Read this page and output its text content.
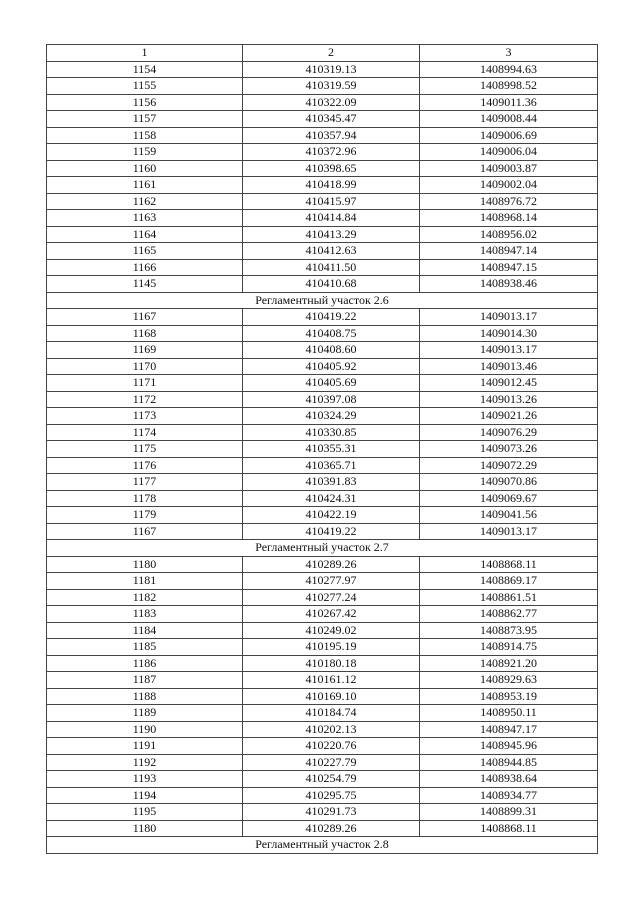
1	2	3
1154	410319.13	1408994.63
1155	410319.59	1408998.52
1156	410322.09	1409011.36
1157	410345.47	1409008.44
1158	410357.94	1409006.69
1159	410372.96	1409006.04
1160	410398.65	1409003.87
1161	410418.99	1409002.04
1162	410415.97	1408976.72
1163	410414.84	1408968.14
1164	410413.29	1408956.02
1165	410412.63	1408947.14
1166	410411.50	1408947.15
1145	410410.68	1408938.46
Регламентный участок 2.6		
1167	410419.22	1409013.17
1168	410408.75	1409014.30
1169	410408.60	1409013.17
1170	410405.92	1409013.46
1171	410405.69	1409012.45
1172	410397.08	1409013.26
1173	410324.29	1409021.26
1174	410330.85	1409076.29
1175	410355.31	1409073.26
1176	410365.71	1409072.29
1177	410391.83	1409070.86
1178	410424.31	1409069.67
1179	410422.19	1409041.56
1167	410419.22	1409013.17
Регламентный участок 2.7		
1180	410289.26	1408868.11
1181	410277.97	1408869.17
1182	410277.24	1408861.51
1183	410267.42	1408862.77
1184	410249.02	1408873.95
1185	410195.19	1408914.75
1186	410180.18	1408921.20
1187	410161.12	1408929.63
1188	410169.10	1408953.19
1189	410184.74	1408950.11
1190	410202.13	1408947.17
1191	410220.76	1408945.96
1192	410227.79	1408944.85
1193	410254.79	1408938.64
1194	410295.75	1408934.77
1195	410291.73	1408899.31
1180	410289.26	1408868.11
Регламентный участок 2.8		
